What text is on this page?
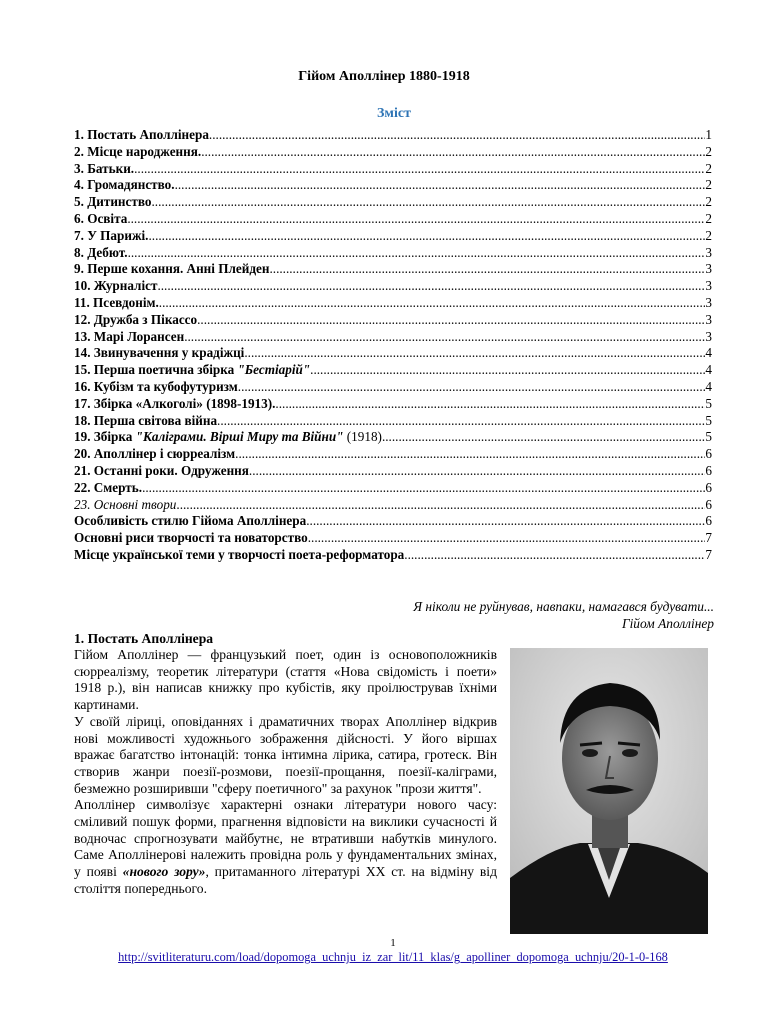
Гійом Аполлінер 1880-1918
Зміст
1. Постать Аполлінера .....	1
2. Місце народження. .....	2
3. Батьки. .....	2
4. Громадянство. .....	2
5. Дитинство .....	2
6. Освіта .....	2
7. У Парижі. .....	2
8. Дебют. .....	3
9. Перше кохання. Анні Плейден .....	3
10. Журналіст .....	3
11. Псевдонім. .....	3
12. Дружба з Пікассо .....	3
13. Марі Лорансен .....	3
14. Звинувачення у крадіжці .....	4
15. Перша поетична збірка "Бестіарій" .....	4
16. Кубізм та кубофутуризм .....	4
17. Збірка «Алкоголі» (1898-1913). .....	5
18. Перша світова війна .....	5
19. Збірка "Каліграми. Вірші Миру та Війни" (1918) .....	5
20. Аполлінер і сюрреалізм .....	6
21. Останні роки. Одруження .....	6
22. Смерть. .....	6
23. Основні твори .....	6
Особливість стилю Гійома Аполлінера .....	6
Основні риси творчості та новаторство .....	7
Місце української теми у творчості поета-реформатора .....	7
Я ніколи не руйнував, навпаки, намагався будувати...
Гійом Аполлінер
1. Постать Аполлінера

Гійом Аполлінер — французький поет, один із основоположників сюрреалізму, теоретик літератури (стаття «Нова свідомість і поети» 1918 р.), він написав книжку про кубістів, яку проілюстрував їхніми картинами.

У своїй ліриці, оповіданнях і драматичних творах Аполлінер відкрив нові можливості художнього зображення дійсності. У його віршах вражає багатство інтонацій: тонка інтимна лірика, сатира, гротеск. Він створив жанри поезії-розмови, поезії-прощання, поезії-каліграми, безмежно розширивши "сферу поетичного" за рахунок "прози життя".

Аполлінер символізує характерні ознаки літератури нового часу: сміливий пошук форми, прагнення відповісти на виклики сучасності й водночас спрогнозувати майбутнє, не втративши набутків минулого. Саме Аполлінерові належить провідна роль у фундаментальних змінах, у появі «нового зору», притаманного літературі XX ст. на відміну від століття попереднього.

1
http://svitliteraturu.com/load/dopomoga_uchnju_iz_zar_lit/11_klas/g_apolliner_dopomoga_uchnju/20-1-0-168
